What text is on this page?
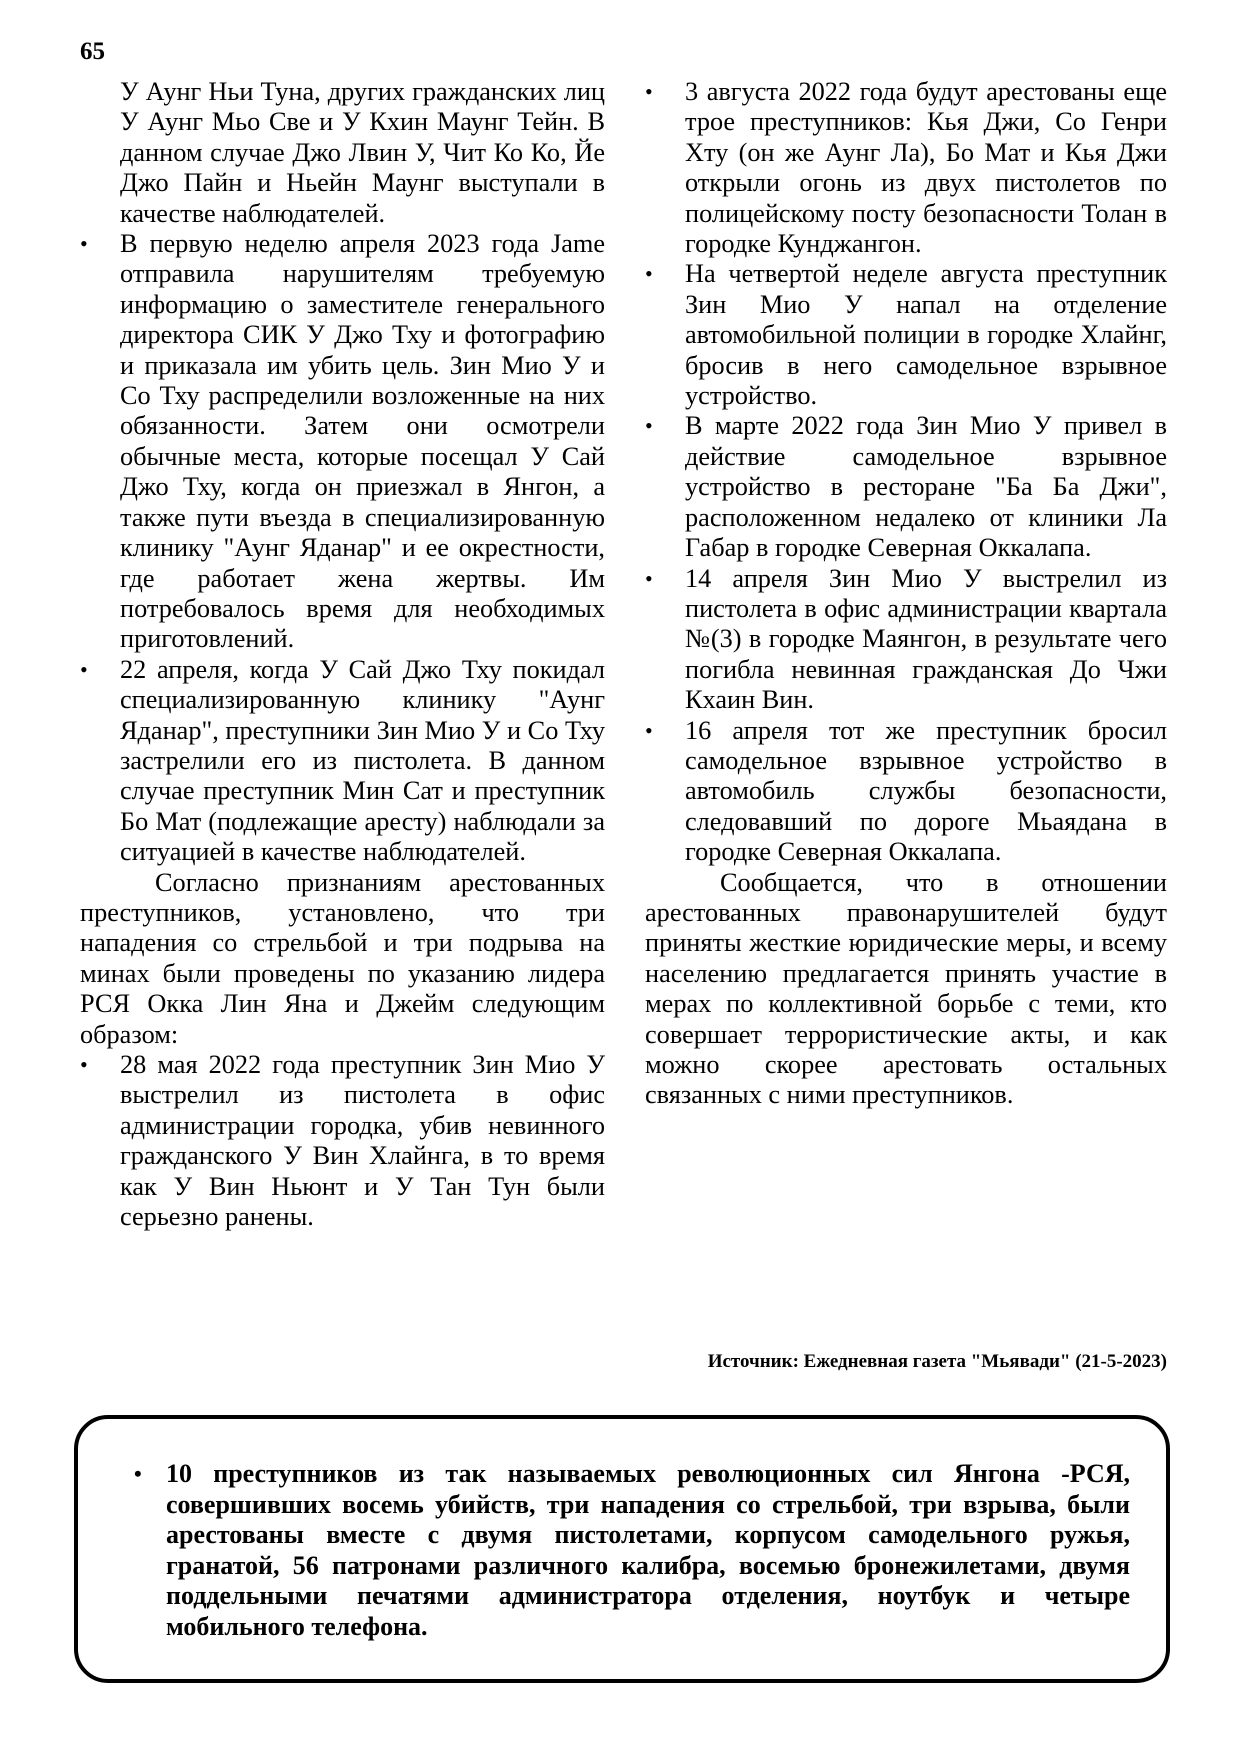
65
У Аунг Ньи Туна, других гражданских лиц У Аунг Мьо Све и У Кхин Маунг Тейн. В данном случае Джо Лвин У, Чит Ко Ко, Йе Джо Пайн и Ньейн Маунг выступали в качестве наблюдателей.
• В первую неделю апреля 2023 года Jame отправила нарушителям требуемую информацию о заместителе генерального директора СИК У Джо Тху и фотографию и приказала им убить цель. Зин Мио У и Со Тху распределили возложенные на них обязанности. Затем они осмотрели обычные места, которые посещал У Сай Джо Тху, когда он приезжал в Янгон, а также пути въезда в специализированную клинику "Аунг Яданар" и ее окрестности, где работает жена жертвы. Им потребовалось время для необходимых приготовлений.
• 22 апреля, когда У Сай Джо Тху покидал специализированную клинику "Аунг Яданар", преступники Зин Мио У и Со Тху застрелили его из пистолета. В данном случае преступник Мин Сат и преступник Бо Мат (подлежащие аресту) наблюдали за ситуацией в качестве наблюдателей.

Согласно признаниям арестованных преступников, установлено, что три нападения со стрельбой и три подрыва на минах были проведены по указанию лидера РСЯ Окка Лин Яна и Джейм следующим образом:

• 28 мая 2022 года преступник Зин Мио У выстрелил из пистолета в офис администрации городка, убив невинного гражданского У Вин Хлайнга, в то время как У Вин Ньюнт и У Тан Тун были серьезно ранены.
• 3 августа 2022 года будут арестованы еще трое преступников: Кья Джи, Со Генри Хту (он же Аунг Ла), Бо Мат и Кья Джи открыли огонь из двух пистолетов по полицейскому посту безопасности Толан в городке Кунджангон.
• На четвертой неделе августа преступник Зин Мио У напал на отделение автомобильной полиции в городке Хлайнг, бросив в него самодельное взрывное устройство.
• В марте 2022 года Зин Мио У привел в действие самодельное взрывное устройство в ресторане "Ба Ба Джи", расположенном недалеко от клиники Ла Габар в городке Северная Оккалапа.
• 14 апреля Зин Мио У выстрелил из пистолета в офис администрации квартала №(3) в городке Маянгон, в результате чего погибла невинная гражданская До Чжи Кхаин Вин.
• 16 апреля тот же преступник бросил самодельное взрывное устройство в автомобиль службы безопасности, следовавший по дороге Мьаядана в городке Северная Оккалапа.

Сообщается, что в отношении арестованных правонарушителей будут приняты жесткие юридические меры, и всему населению предлагается принять участие в мерах по коллективной борьбе с теми, кто совершает террористические акты, и как можно скорее арестовать остальных связанных с ними преступников.

Источник: Ежедневная газета "Мьявади" (21-5-2023)
• 10 преступников из так называемых революционных сил Янгона -РСЯ, совершивших восемь убийств, три нападения со стрельбой, три взрыва, были арестованы вместе с двумя пистолетами, корпусом самодельного ружья, гранатой, 56 патронами различного калибра, восемью бронежилетами, двумя поддельными печатями администратора отделения, ноутбук и четыре мобильного телефона.
